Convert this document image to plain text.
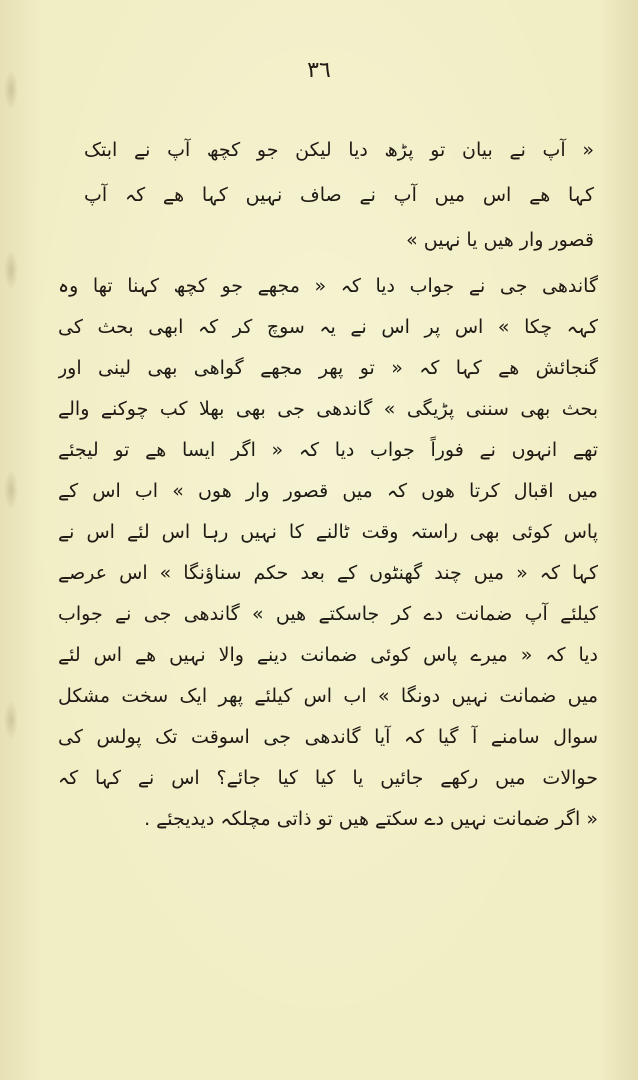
٣٦
« آپ نے بیان تو پڑھ دیا لیکن جو کچھ آپ نے ابتک
کہا ھے اس میں آپ نے صاف نہیں کہا ھے کہ آپ
قصور وار ھیں یا نہیں »
گاندھی جی نے جواب دیا کہ « مجھے جو کچھ کہنا تھا وہ
کہہ چکا » اس پر اس نے یہ سوچ کر کہ ابھی بحث کی
گنجائش ھے کہا کہ « تو پھر مجھے گواھی بھی لینی اور
بحث بھی سننی پڑیگی » گاندھی جی بھی بھلا کب چوکنے والے
تھے انہوں نے فوراً جواب دیا کہ « اگر ایسا ھے تو لیجئے
میں اقبال کرتا ھوں کہ میں قصور وار ھوں » اب اس کے
پاس کوئی بھی راستہ وقت ٹالنے کا نہیں رہا اس لئے اس نے
کہا کہ « میں چند گھنٹوں کے بعد حکم سناؤنگا » اس عرصے
کیلئے آپ ضمانت دے کر جاسکتے ھیں » گاندھی جی نے جواب
دیا کہ « میرے پاس کوئی ضمانت دینے والا نہیں ھے اس لئے
میں ضمانت نہیں دونگا » اب اس کیلئے پھر ایک سخت مشکل
سوال سامنے آ گیا کہ آیا گاندھی جی اسوقت تک پولس کی
حوالات میں رکھے جائیں یا کیا کیا جائے؟ اس نے کہا کہ
« اگر ضمانت نہیں دے سکتے ھیں تو ذاتی مچلکہ دیدیجئے .
